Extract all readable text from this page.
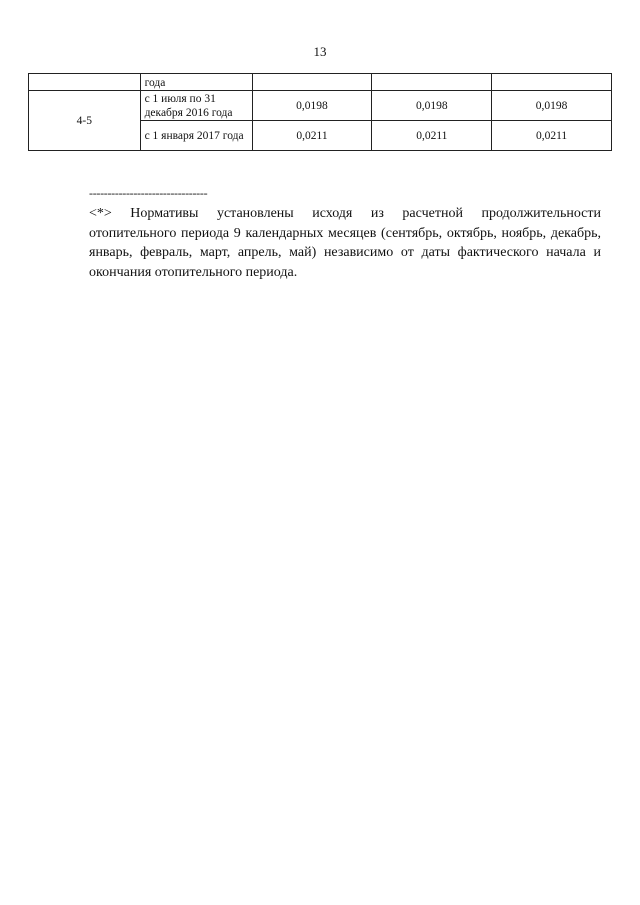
13
	года			
4-5	с 1 июля по 31 декабря 2016 года	0,0198	0,0198	0,0198
	с 1 января 2017 года	0,0211	0,0211	0,0211
--------------------------------

<*> Нормативы установлены исходя из расчетной продолжительности отопительного периода 9 календарных месяцев (сентябрь, октябрь, ноябрь, декабрь, январь, февраль, март, апрель, май) независимо от даты фактического начала и окончания отопительного периода.
